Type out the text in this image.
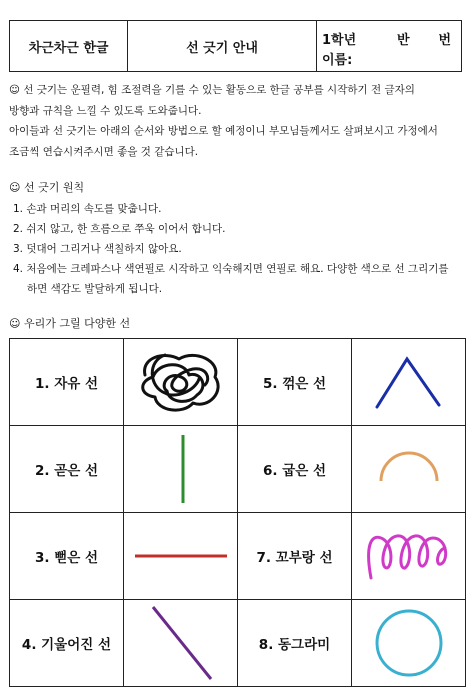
차근차근 한글	선 긋기 안내	1학년	반 번
이름:
☺ 선 긋기는 운필력, 힘 조절력을 기를 수 있는 활동으로 한글 공부를 시작하기 전 글자의
방향과 규칙을 느낄 수 있도록 도와줍니다.
아이들과 선 긋기는 아래의 순서와 방법으로 할 예정이니 부모님들께서도 살펴보시고 가정에서
조금씩 연습시켜주시면 좋을 것 같습니다.
☺ 선 긋기 원칙
1. 손과 머리의 속도를 맞춥니다.
2. 쉬지 않고, 한 흐름으로 쭈욱 이어서 합니다.
3. 덧대어 그리거나 색칠하지 않아요.
4. 처음에는 크레파스나 색연필로 시작하고 익숙해지면 연필로 해요. 다양한 색으로 선 그리기를
하면 색감도 발달하게 됩니다.
☺ 우리가 그릴 다양한 선
1. 자유 선		5. 꺾은 선	

2. 곧은 선		6. 굽은 선	

3. 뻗은 선		7. 꼬부랑 선	

4. 기울어진 선		8. 동그라미	
